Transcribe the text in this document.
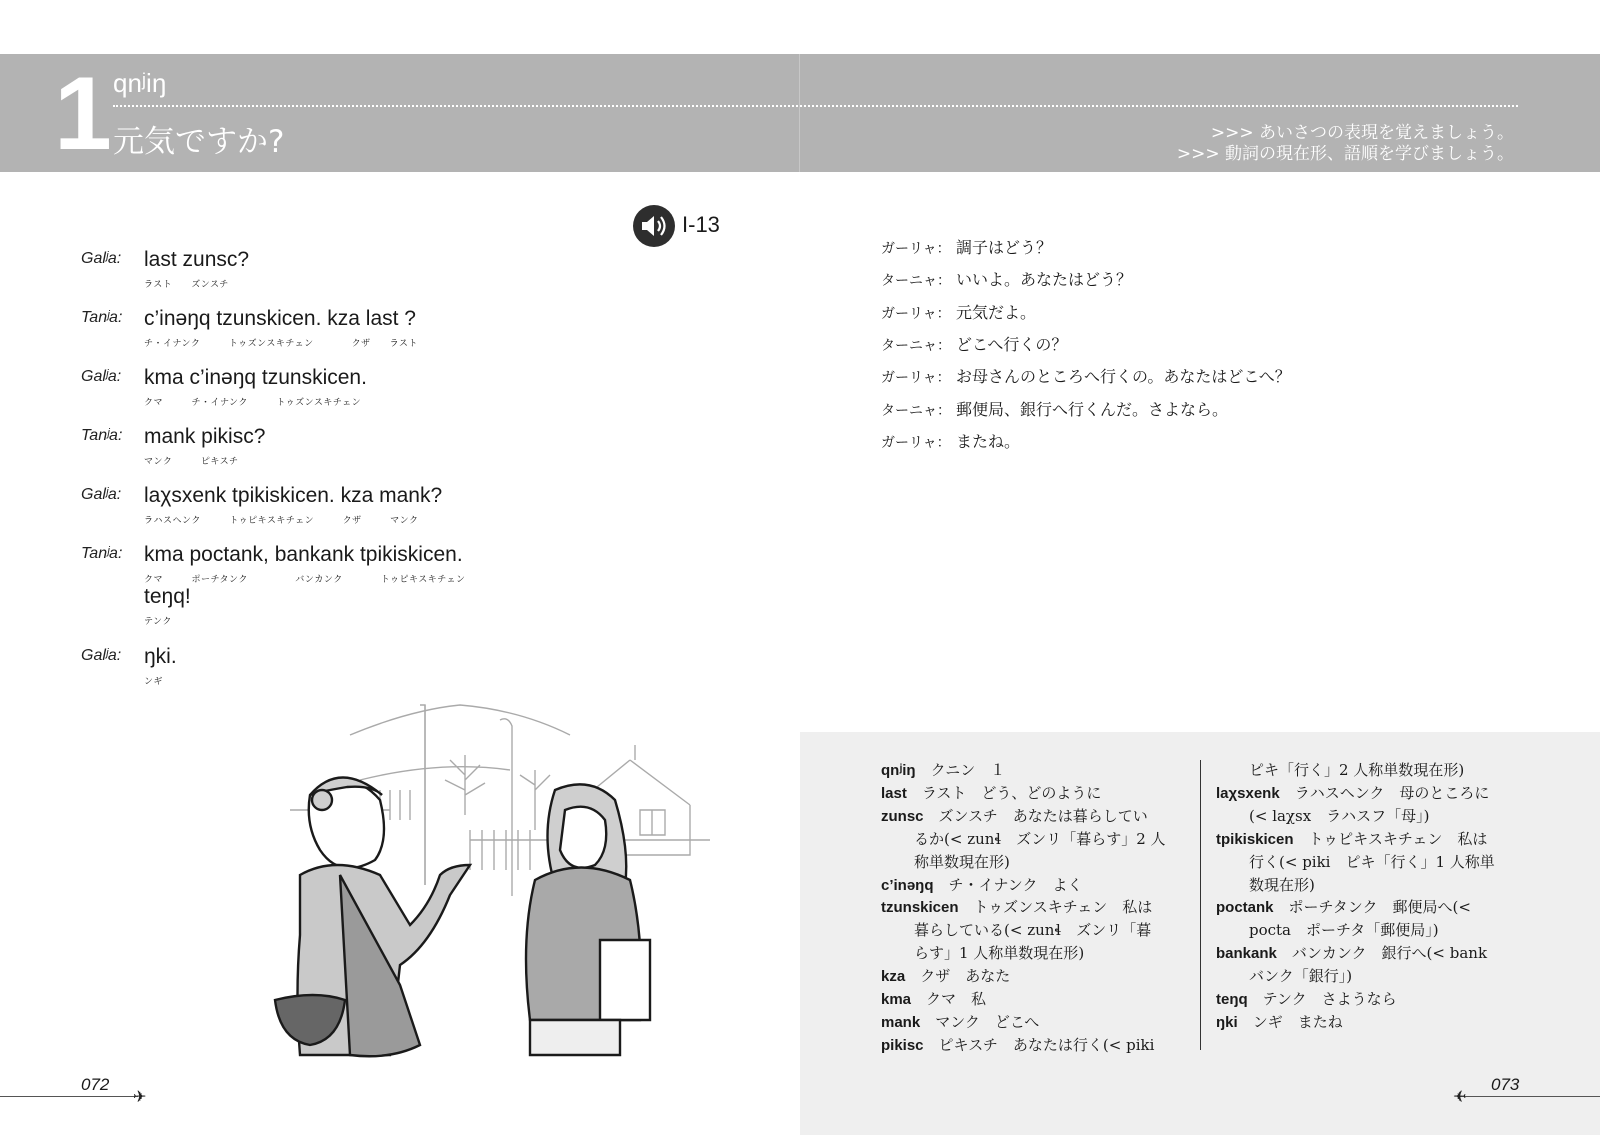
1 qnʲiŋ
元気ですか?	>>> あいさつの表現を覚えましょう。
>>> 動詞の現在形、語順を学びましょう。
I-13
Galʲa: last zunsc?
ラスト　　ズンスチ
Tanʲa: c’inəŋq tzunskicen. kza last ?
チ・イナンク　　　トゥズンスキチェン　　　　クザ　　ラスト
Galʲa: kma c’inəŋq tzunskicen.
クマ　　　チ・イナンク　　　トゥズンスキチェン
Tanʲa: mank pikisc?
マンク　　　ピキスチ
Galʲa: laχsxenk tpikiskicen. kza mank?
ラハスヘンク　　　トゥピキスキチェン　　　クザ　　　マンク
Tanʲa: kma poctank, bankank tpikiskicen.
クマ　　　ポーチタンク　　　　　バンカンク　　　　トゥピキスキチェン
teŋq!
テンク
Galʲa: ŋki.
ンギ
ガーリャ： 調子はどう？
ターニャ： いいよ。あなたはどう？
ガーリャ： 元気だよ。
ターニャ： どこへ行くの？
ガーリャ： お母さんのところへ行くの。あなたはどこへ？
ターニャ： 郵便局、銀行へ行くんだ。さよなら。
ガーリャ： またね。
qnʲiŋ　クニン　１
last　ラスト　どう、どのように
zunsc　ズンスチ　あなたは暮らしてい
るか(< zunɬ　ズンリ「暮らす」2 人
称単数現在形)
c’inəŋq　チ・イナンク　よく
tzunskicen　トゥズンスキチェン　私は
暮らしている(< zunɬ　ズンリ「暮
らす」1 人称単数現在形)
kza　クザ　あなた
kma　クマ　私
mank　マンク　どこへ
pikisc　ピキスチ　あなたは行く(< piki
ピキ「行く」2 人称単数現在形)
laχsxenk　ラハスヘンク　母のところに
(< laχsx　ラハスフ「母」)
tpikiskicen　トゥピキスキチェン　私は
行く(< piki　ピキ「行く」1 人称単
数現在形)
poctank　ポーチタンク　郵便局へ(<
pocta　ポーチタ「郵便局」)
bankank　バンカンク　銀行へ(< bank
バンク「銀行」)
teŋq　テンク　さようなら
ŋki　ンギ　またね
072
✈
073
✈
